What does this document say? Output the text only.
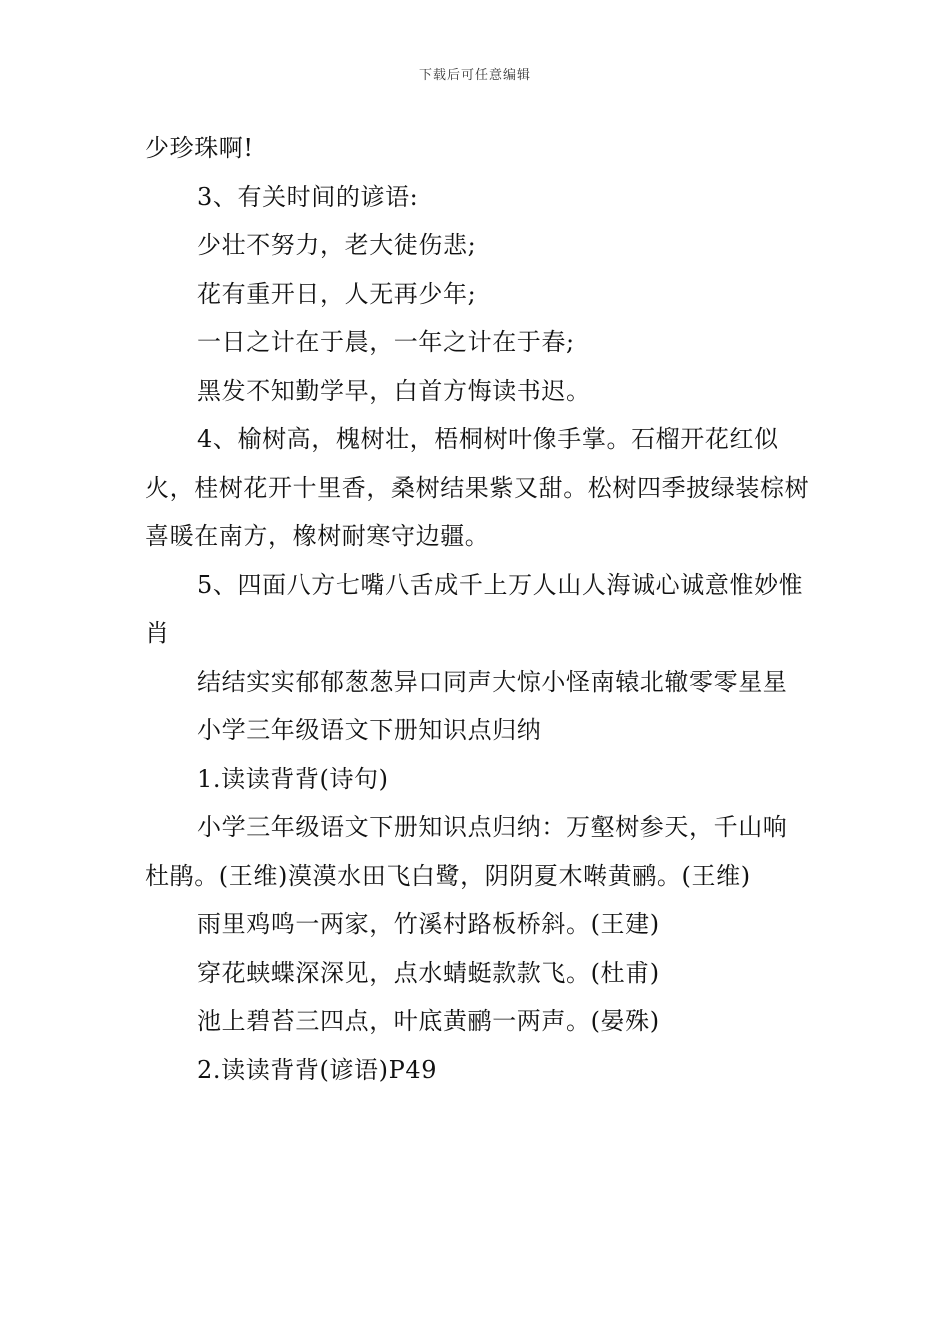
下载后可任意编辑

少珍珠啊!

3、有关时间的谚语:

少壮不努力，老大徒伤悲;

花有重开日，人无再少年;

一日之计在于晨，一年之计在于春;

黑发不知勤学早，白首方悔读书迟。

4、榆树高，槐树壮，梧桐树叶像手掌。石榴开花红似火，桂树花开十里香，桑树结果紫又甜。松树四季披绿装棕树喜暖在南方，橡树耐寒守边疆。

5、四面八方七嘴八舌成千上万人山人海诚心诚意惟妙惟肖

结结实实郁郁葱葱异口同声大惊小怪南辕北辙零零星星

小学三年级语文下册知识点归纳

1.读读背背(诗句)

小学三年级语文下册知识点归纳：万壑树参天，千山响杜鹃。(王维)漠漠水田飞白鹭，阴阴夏木啭黄鹂。(王维)

雨里鸡鸣一两家，竹溪村路板桥斜。(王建)

穿花蛱蝶深深见，点水蜻蜓款款飞。(杜甫)

池上碧苔三四点，叶底黄鹂一两声。(晏殊)

2.读读背背(谚语)P49
